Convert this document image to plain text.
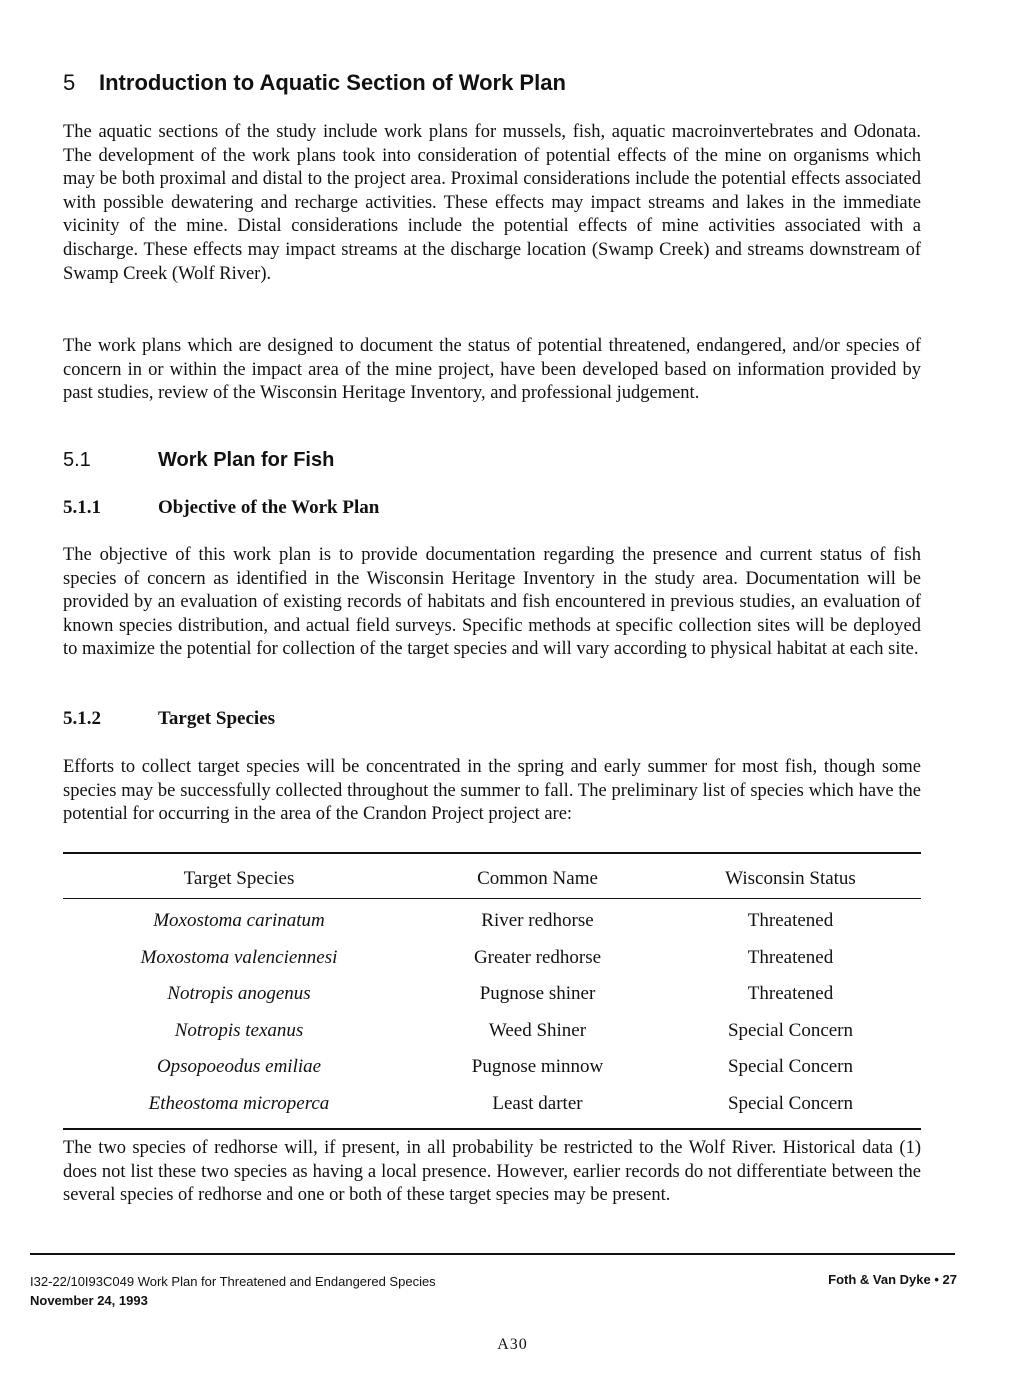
5 Introduction to Aquatic Section of Work Plan

The aquatic sections of the study include work plans for mussels, fish, aquatic macroinvertebrates and Odonata. The development of the work plans took into consideration of potential effects of the mine on organisms which may be both proximal and distal to the project area. Proximal considerations include the potential effects associated with possible dewatering and recharge activities. These effects may impact streams and lakes in the immediate vicinity of the mine. Distal considerations include the potential effects of mine activities associated with a discharge. These effects may impact streams at the discharge location (Swamp Creek) and streams downstream of Swamp Creek (Wolf River).

The work plans which are designed to document the status of potential threatened, endangered, and/or species of concern in or within the impact area of the mine project, have been developed based on information provided by past studies, review of the Wisconsin Heritage Inventory, and professional judgement.

5.1	Work Plan for Fish
5.1.1	Objective of the Work Plan

The objective of this work plan is to provide documentation regarding the presence and current status of fish species of concern as identified in the Wisconsin Heritage Inventory in the study area. Documentation will be provided by an evaluation of existing records of habitats and fish encountered in previous studies, an evaluation of known species distribution, and actual field surveys. Specific methods at specific collection sites will be deployed to maximize the potential for collection of the target species and will vary according to physical habitat at each site.

5.1.2	Target Species

Efforts to collect target species will be concentrated in the spring and early summer for most fish, though some species may be successfully collected throughout the summer to fall. The preliminary list of species which have the potential for occurring in the area of the Crandon Project project are:

Target Species	Common Name	Wisconsin Status
Moxostoma carinatum	River redhorse	Threatened
Moxostoma valenciennesi	Greater redhorse	Threatened
Notropis anogenus	Pugnose shiner	Threatened
Notropis texanus	Weed Shiner	Special Concern
Opsopoeodus emiliae	Pugnose minnow	Special Concern
Etheostoma microperca	Least darter	Special Concern

The two species of redhorse will, if present, in all probability be restricted to the Wolf River. Historical data (1) does not list these two species as having a local presence. However, earlier records do not differentiate between the several species of redhorse and one or both of these target species may be present.

I32-22/10I93C049 Work Plan for Threatened and Endangered Species
November 24, 1993
Foth & Van Dyke • 27
A30
